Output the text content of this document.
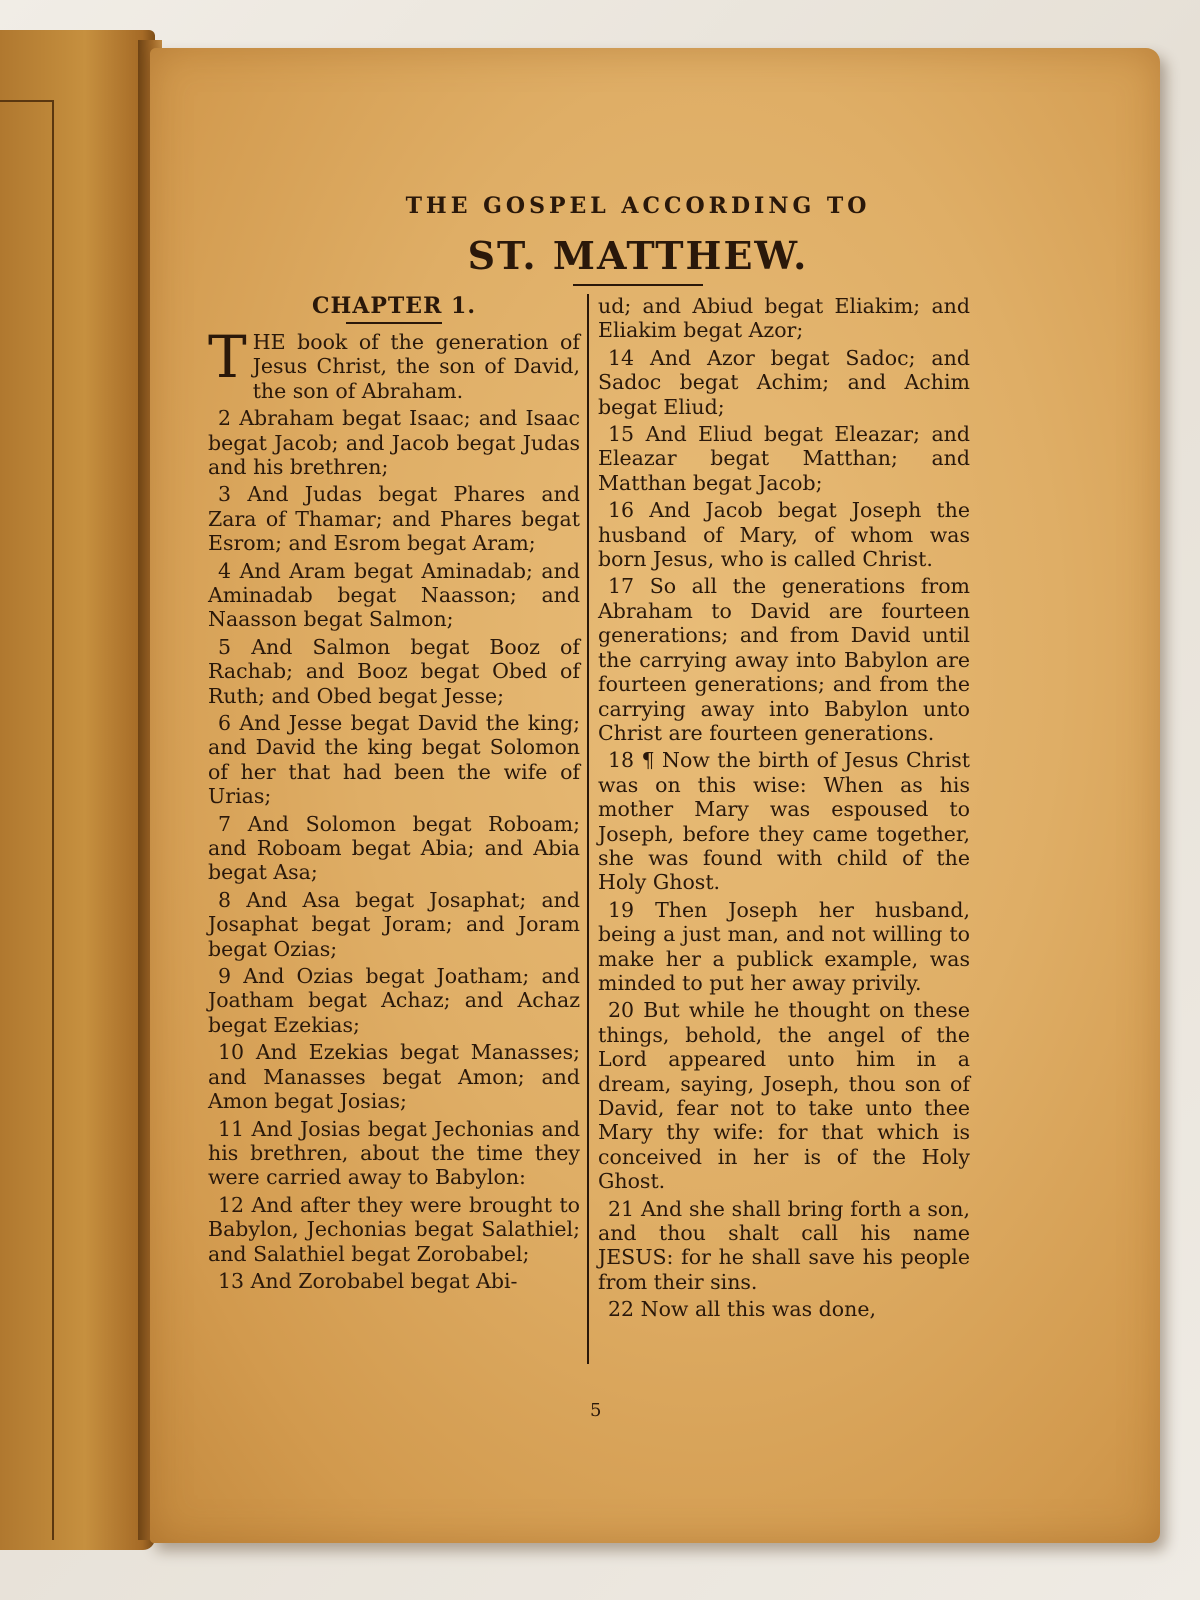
THE GOSPEL ACCORDING TO
ST. MATTHEW.
CHAPTER 1.

THE book of the generation of Jesus Christ, the son of David, the son of Abraham.

2 Abraham begat Isaac; and Isaac begat Jacob; and Jacob begat Judas and his brethren;

3 And Judas begat Phares and Zara of Thamar; and Phares begat Esrom; and Esrom begat Aram;

4 And Aram begat Aminadab; and Aminadab begat Naasson; and Naasson begat Salmon;

5 And Salmon begat Booz of Rachab; and Booz begat Obed of Ruth; and Obed begat Jesse;

6 And Jesse begat David the king; and David the king begat Solomon of her that had been the wife of Urias;

7 And Solomon begat Roboam; and Roboam begat Abia; and Abia begat Asa;

8 And Asa begat Josaphat; and Josaphat begat Joram; and Joram begat Ozias;

9 And Ozias begat Joatham; and Joatham begat Achaz; and Achaz begat Ezekias;

10 And Ezekias begat Manasses; and Manasses begat Amon; and Amon begat Josias;

11 And Josias begat Jechonias and his brethren, about the time they were carried away to Babylon:

12 And after they were brought to Babylon, Jechonias begat Salathiel; and Salathiel begat Zorobabel;

13 And Zorobabel begat Abi-

ud; and Abiud begat Eliakim; and Eliakim begat Azor;

14 And Azor begat Sadoc; and Sadoc begat Achim; and Achim begat Eliud;

15 And Eliud begat Eleazar; and Eleazar begat Matthan; and Matthan begat Jacob;

16 And Jacob begat Joseph the husband of Mary, of whom was born Jesus, who is called Christ.

17 So all the generations from Abraham to David are fourteen generations; and from David until the carrying away into Babylon are fourteen generations; and from the carrying away into Babylon unto Christ are fourteen generations.

18 ¶ Now the birth of Jesus Christ was on this wise: When as his mother Mary was espoused to Joseph, before they came together, she was found with child of the Holy Ghost.

19 Then Joseph her husband, being a just man, and not willing to make her a publick example, was minded to put her away privily.

20 But while he thought on these things, behold, the angel of the Lord appeared unto him in a dream, saying, Joseph, thou son of David, fear not to take unto thee Mary thy wife: for that which is conceived in her is of the Holy Ghost.

21 And she shall bring forth a son, and thou shalt call his name JESUS: for he shall save his people from their sins.

22 Now all this was done,

5
